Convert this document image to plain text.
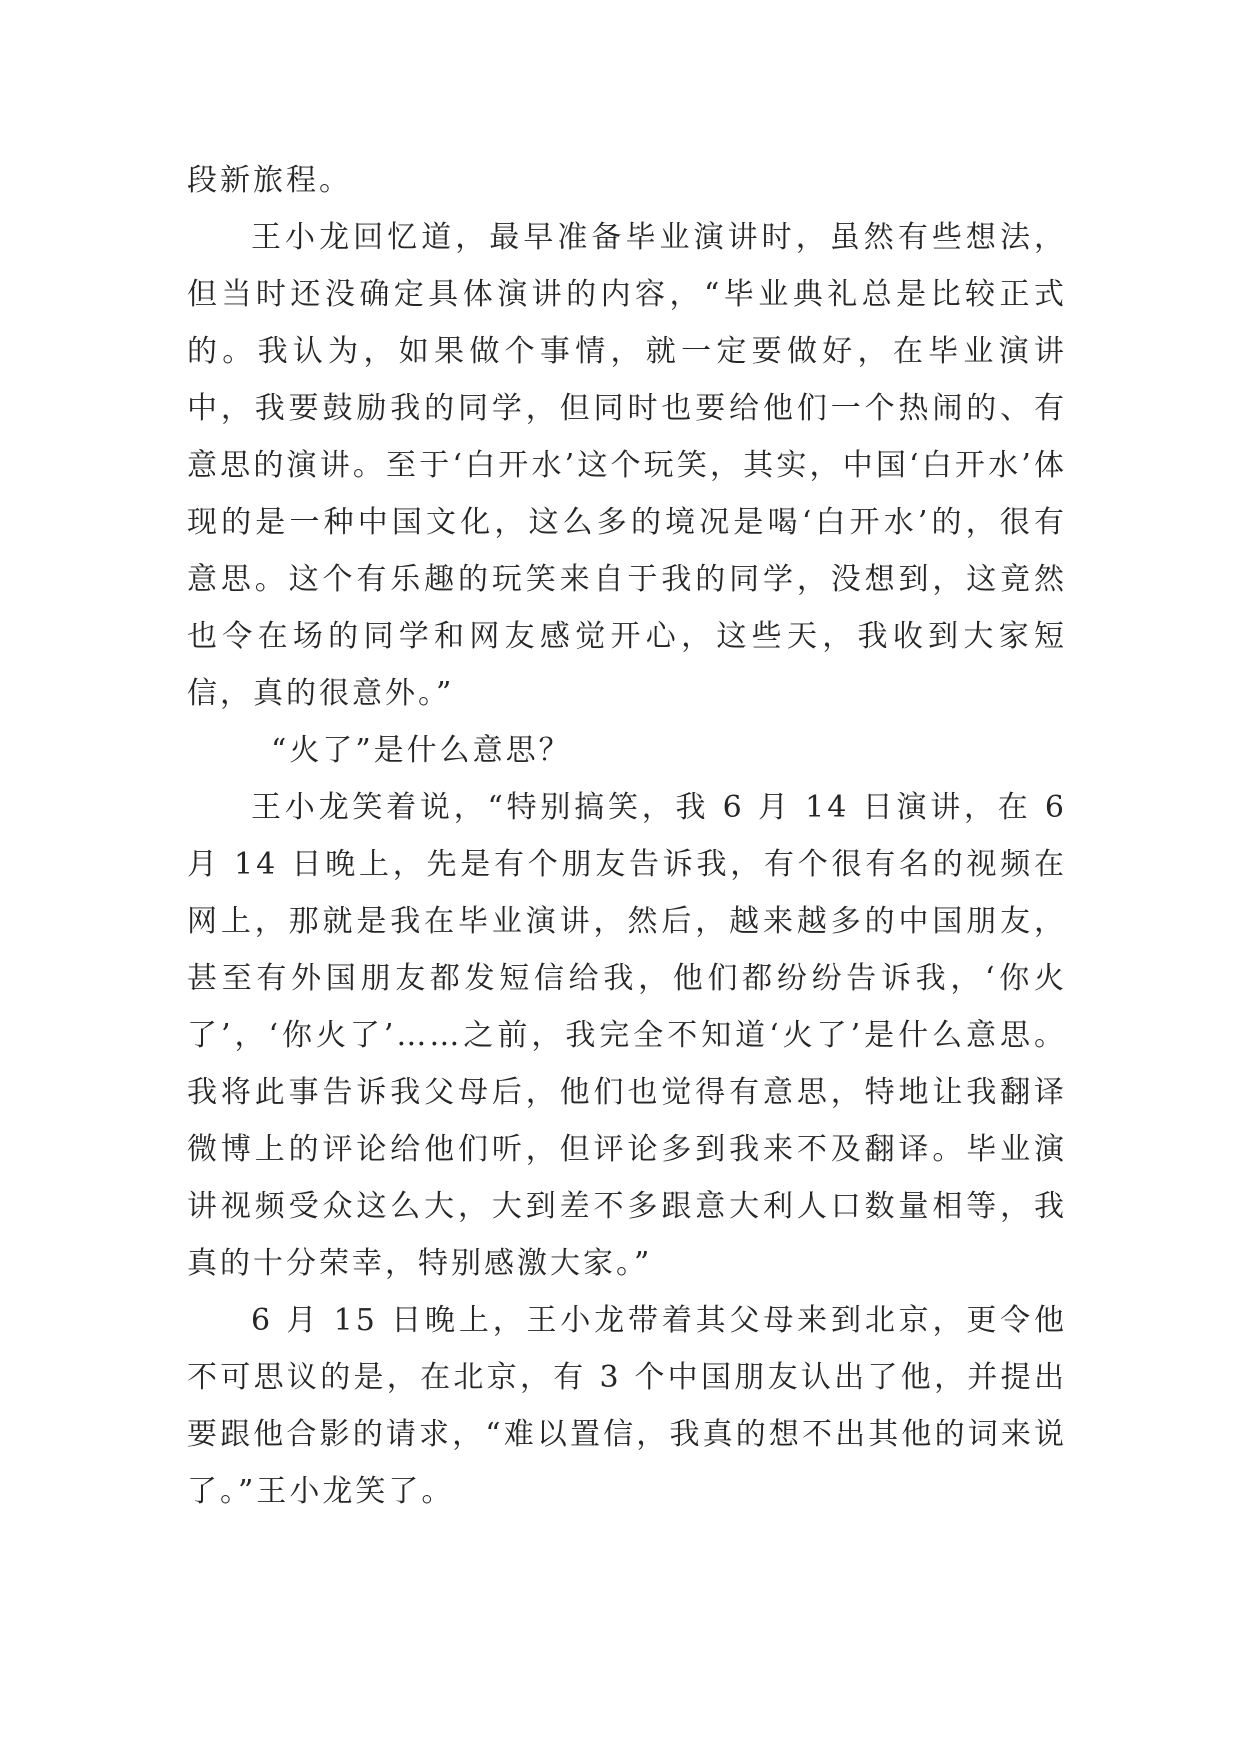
段新旅程。

王小龙回忆道，最早准备毕业演讲时，虽然有些想法，但当时还没确定具体演讲的内容，“毕业典礼总是比较正式的。我认为，如果做个事情，就一定要做好，在毕业演讲中，我要鼓励我的同学，但同时也要给他们一个热闹的、有意思的演讲。至于‘白开水’这个玩笑，其实，中国‘白开水’体现的是一种中国文化，这么多的境况是喝‘白开水’的，很有意思。这个有乐趣的玩笑来自于我的同学，没想到，这竟然也令在场的同学和网友感觉开心，这些天，我收到大家短信，真的很意外。”

“火了”是什么意思？

王小龙笑着说，“特别搞笑，我 6 月 14 日演讲，在 6 月 14 日晚上，先是有个朋友告诉我，有个很有名的视频在网上，那就是我在毕业演讲，然后，越来越多的中国朋友，甚至有外国朋友都发短信给我，他们都纷纷告诉我，‘你火了’，‘你火了’……之前，我完全不知道‘火了’是什么意思。我将此事告诉我父母后，他们也觉得有意思，特地让我翻译微博上的评论给他们听，但评论多到我来不及翻译。毕业演讲视频受众这么大，大到差不多跟意大利人口数量相等，我真的十分荣幸，特别感激大家。”

6 月 15 日晚上，王小龙带着其父母来到北京，更令他不可思议的是，在北京，有 3 个中国朋友认出了他，并提出要跟他合影的请求，“难以置信，我真的想不出其他的词来说了。”王小龙笑了。
